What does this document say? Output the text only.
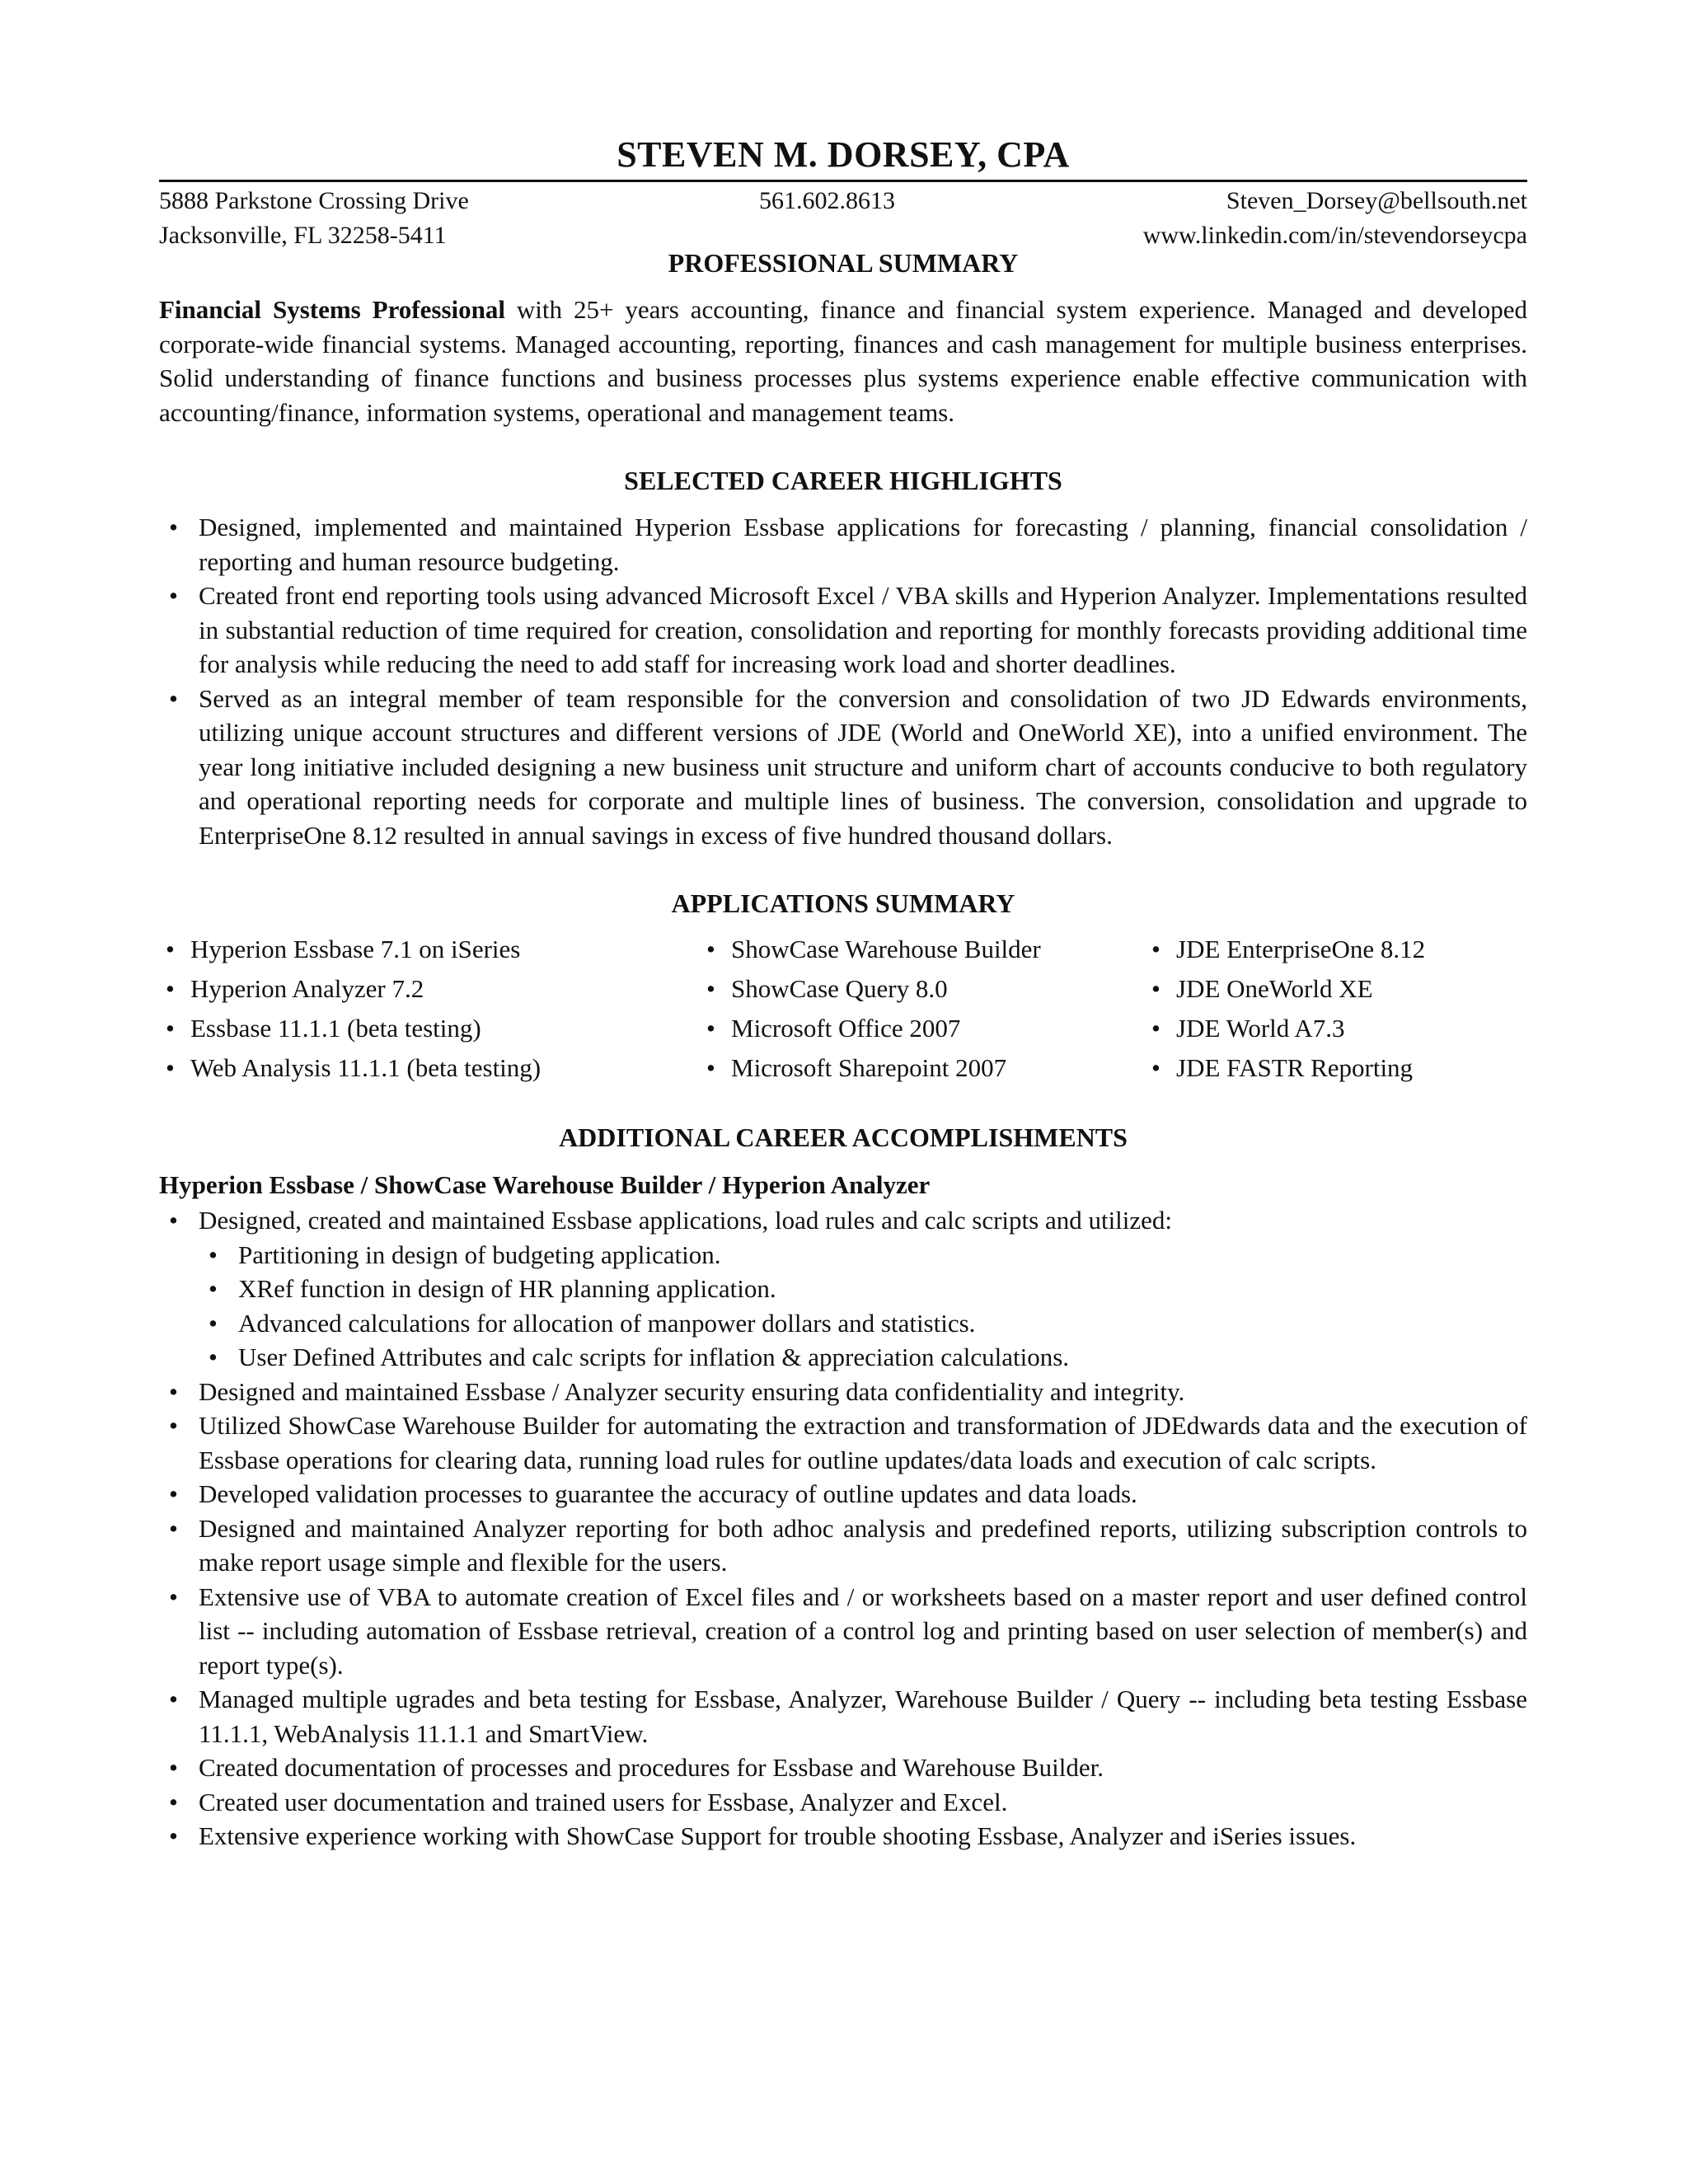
STEVEN M. DORSEY, CPA
5888 Parkstone Crossing Drive
Jacksonville, FL 32258-5411
561.602.8613	Steven_Dorsey@bellsouth.net
www.linkedin.com/in/stevendorseycpa
PROFESSIONAL SUMMARY

Financial Systems Professional with 25+ years accounting, finance and financial system experience. Managed and developed corporate-wide financial systems. Managed accounting, reporting, finances and cash management for multiple business enterprises. Solid understanding of finance functions and business processes plus systems experience enable effective communication with accounting/finance, information systems, operational and management teams.

SELECTED CAREER HIGHLIGHTS
• Designed, implemented and maintained Hyperion Essbase applications for forecasting / planning, financial consolidation / reporting and human resource budgeting.
• Created front end reporting tools using advanced Microsoft Excel / VBA skills and Hyperion Analyzer. Implementations resulted in substantial reduction of time required for creation, consolidation and reporting for monthly forecasts providing additional time for analysis while reducing the need to add staff for increasing work load and shorter deadlines.
• Served as an integral member of team responsible for the conversion and consolidation of two JD Edwards environments, utilizing unique account structures and different versions of JDE (World and OneWorld XE), into a unified environment. The year long initiative included designing a new business unit structure and uniform chart of accounts conducive to both regulatory and operational reporting needs for corporate and multiple lines of business. The conversion, consolidation and upgrade to EnterpriseOne 8.12 resulted in annual savings in excess of five hundred thousand dollars.
APPLICATIONS SUMMARY
• Hyperion Essbase 7.1 on iSeries
• Hyperion Analyzer 7.2
• Essbase 11.1.1 (beta testing)
• Web Analysis 11.1.1 (beta testing)
• ShowCase Warehouse Builder
• ShowCase Query 8.0
• Microsoft Office 2007
• Microsoft Sharepoint 2007
• JDE EnterpriseOne 8.12
• JDE OneWorld XE
• JDE World A7.3
• JDE FASTR Reporting
ADDITIONAL CAREER ACCOMPLISHMENTS
Hyperion Essbase / ShowCase Warehouse Builder / Hyperion Analyzer
• Designed, created and maintained Essbase applications, load rules and calc scripts and utilized:
• Partitioning in design of budgeting application.
• XRef function in design of HR planning application.
• Advanced calculations for allocation of manpower dollars and statistics.
• User Defined Attributes and calc scripts for inflation & appreciation calculations.
• Designed and maintained Essbase / Analyzer security ensuring data confidentiality and integrity.
• Utilized ShowCase Warehouse Builder for automating the extraction and transformation of JDEdwards data and the execution of Essbase operations for clearing data, running load rules for outline updates/data loads and execution of calc scripts.
• Developed validation processes to guarantee the accuracy of outline updates and data loads.
• Designed and maintained Analyzer reporting for both adhoc analysis and predefined reports, utilizing subscription controls to make report usage simple and flexible for the users.
• Extensive use of VBA to automate creation of Excel files and / or worksheets based on a master report and user defined control list -- including automation of Essbase retrieval, creation of a control log and printing based on user selection of member(s) and report type(s).
• Managed multiple ugrades and beta testing for Essbase, Analyzer, Warehouse Builder / Query -- including beta testing Essbase 11.1.1, WebAnalysis 11.1.1 and SmartView.
• Created documentation of processes and procedures for Essbase and Warehouse Builder.
• Created user documentation and trained users for Essbase, Analyzer and Excel.
• Extensive experience working with ShowCase Support for trouble shooting Essbase, Analyzer and iSeries issues.
